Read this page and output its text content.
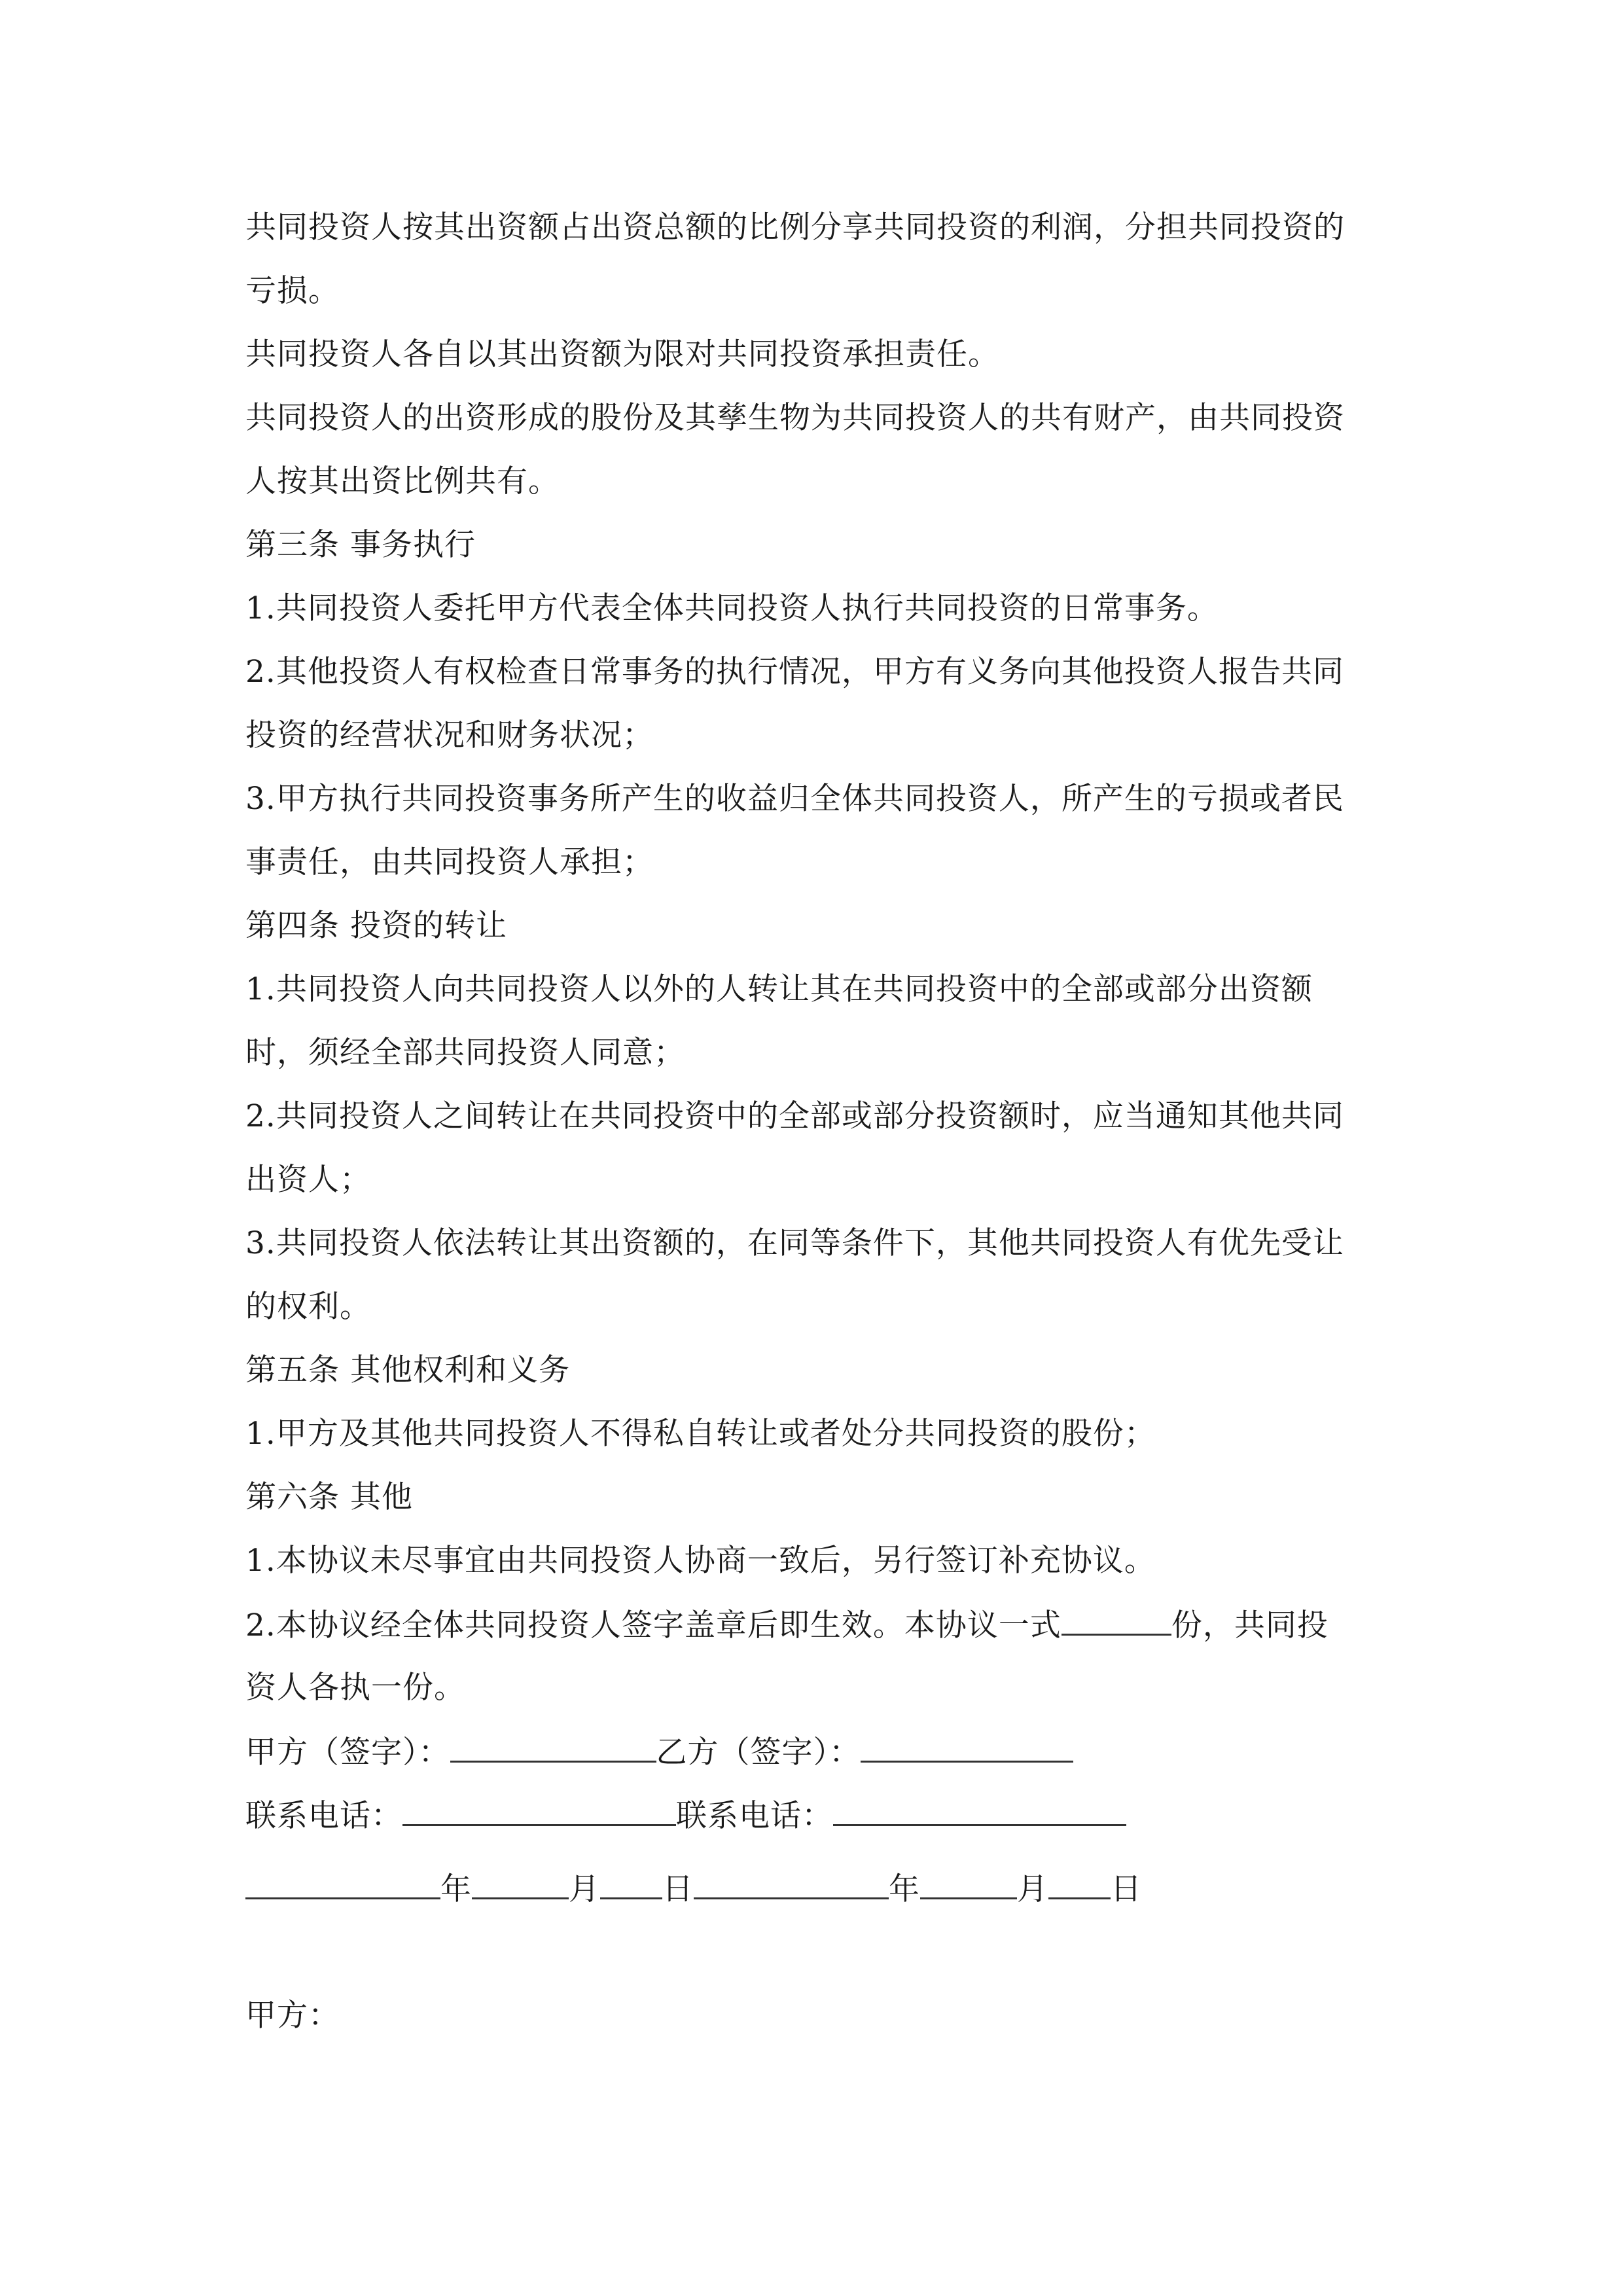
共同投资人按其出资额占出资总额的比例分享共同投资的利润，分担共同投资的
亏损。
共同投资人各自以其出资额为限对共同投资承担责任。
共同投资人的出资形成的股份及其孳生物为共同投资人的共有财产，由共同投资
人按其出资比例共有。
第三条 事务执行
1.共同投资人委托甲方代表全体共同投资人执行共同投资的日常事务。
2.其他投资人有权检查日常事务的执行情况，甲方有义务向其他投资人报告共同
投资的经营状况和财务状况；
3.甲方执行共同投资事务所产生的收益归全体共同投资人，所产生的亏损或者民
事责任，由共同投资人承担；
第四条 投资的转让
1.共同投资人向共同投资人以外的人转让其在共同投资中的全部或部分出资额
时，须经全部共同投资人同意；
2.共同投资人之间转让在共同投资中的全部或部分投资额时，应当通知其他共同
出资人；
3.共同投资人依法转让其出资额的，在同等条件下，其他共同投资人有优先受让
的权利。
第五条 其他权利和义务
1.甲方及其他共同投资人不得私自转让或者处分共同投资的股份；
第六条 其他
1.本协议未尽事宜由共同投资人协商一致后，另行签订补充协议。
2.本协议经全体共同投资人签字盖章后即生效。本协议一式	份，共同投
资人各执一份。
甲方（签字）：	乙方（签字）：
联系电话：	联系电话：
年	月 日	年	月 日
甲方：
